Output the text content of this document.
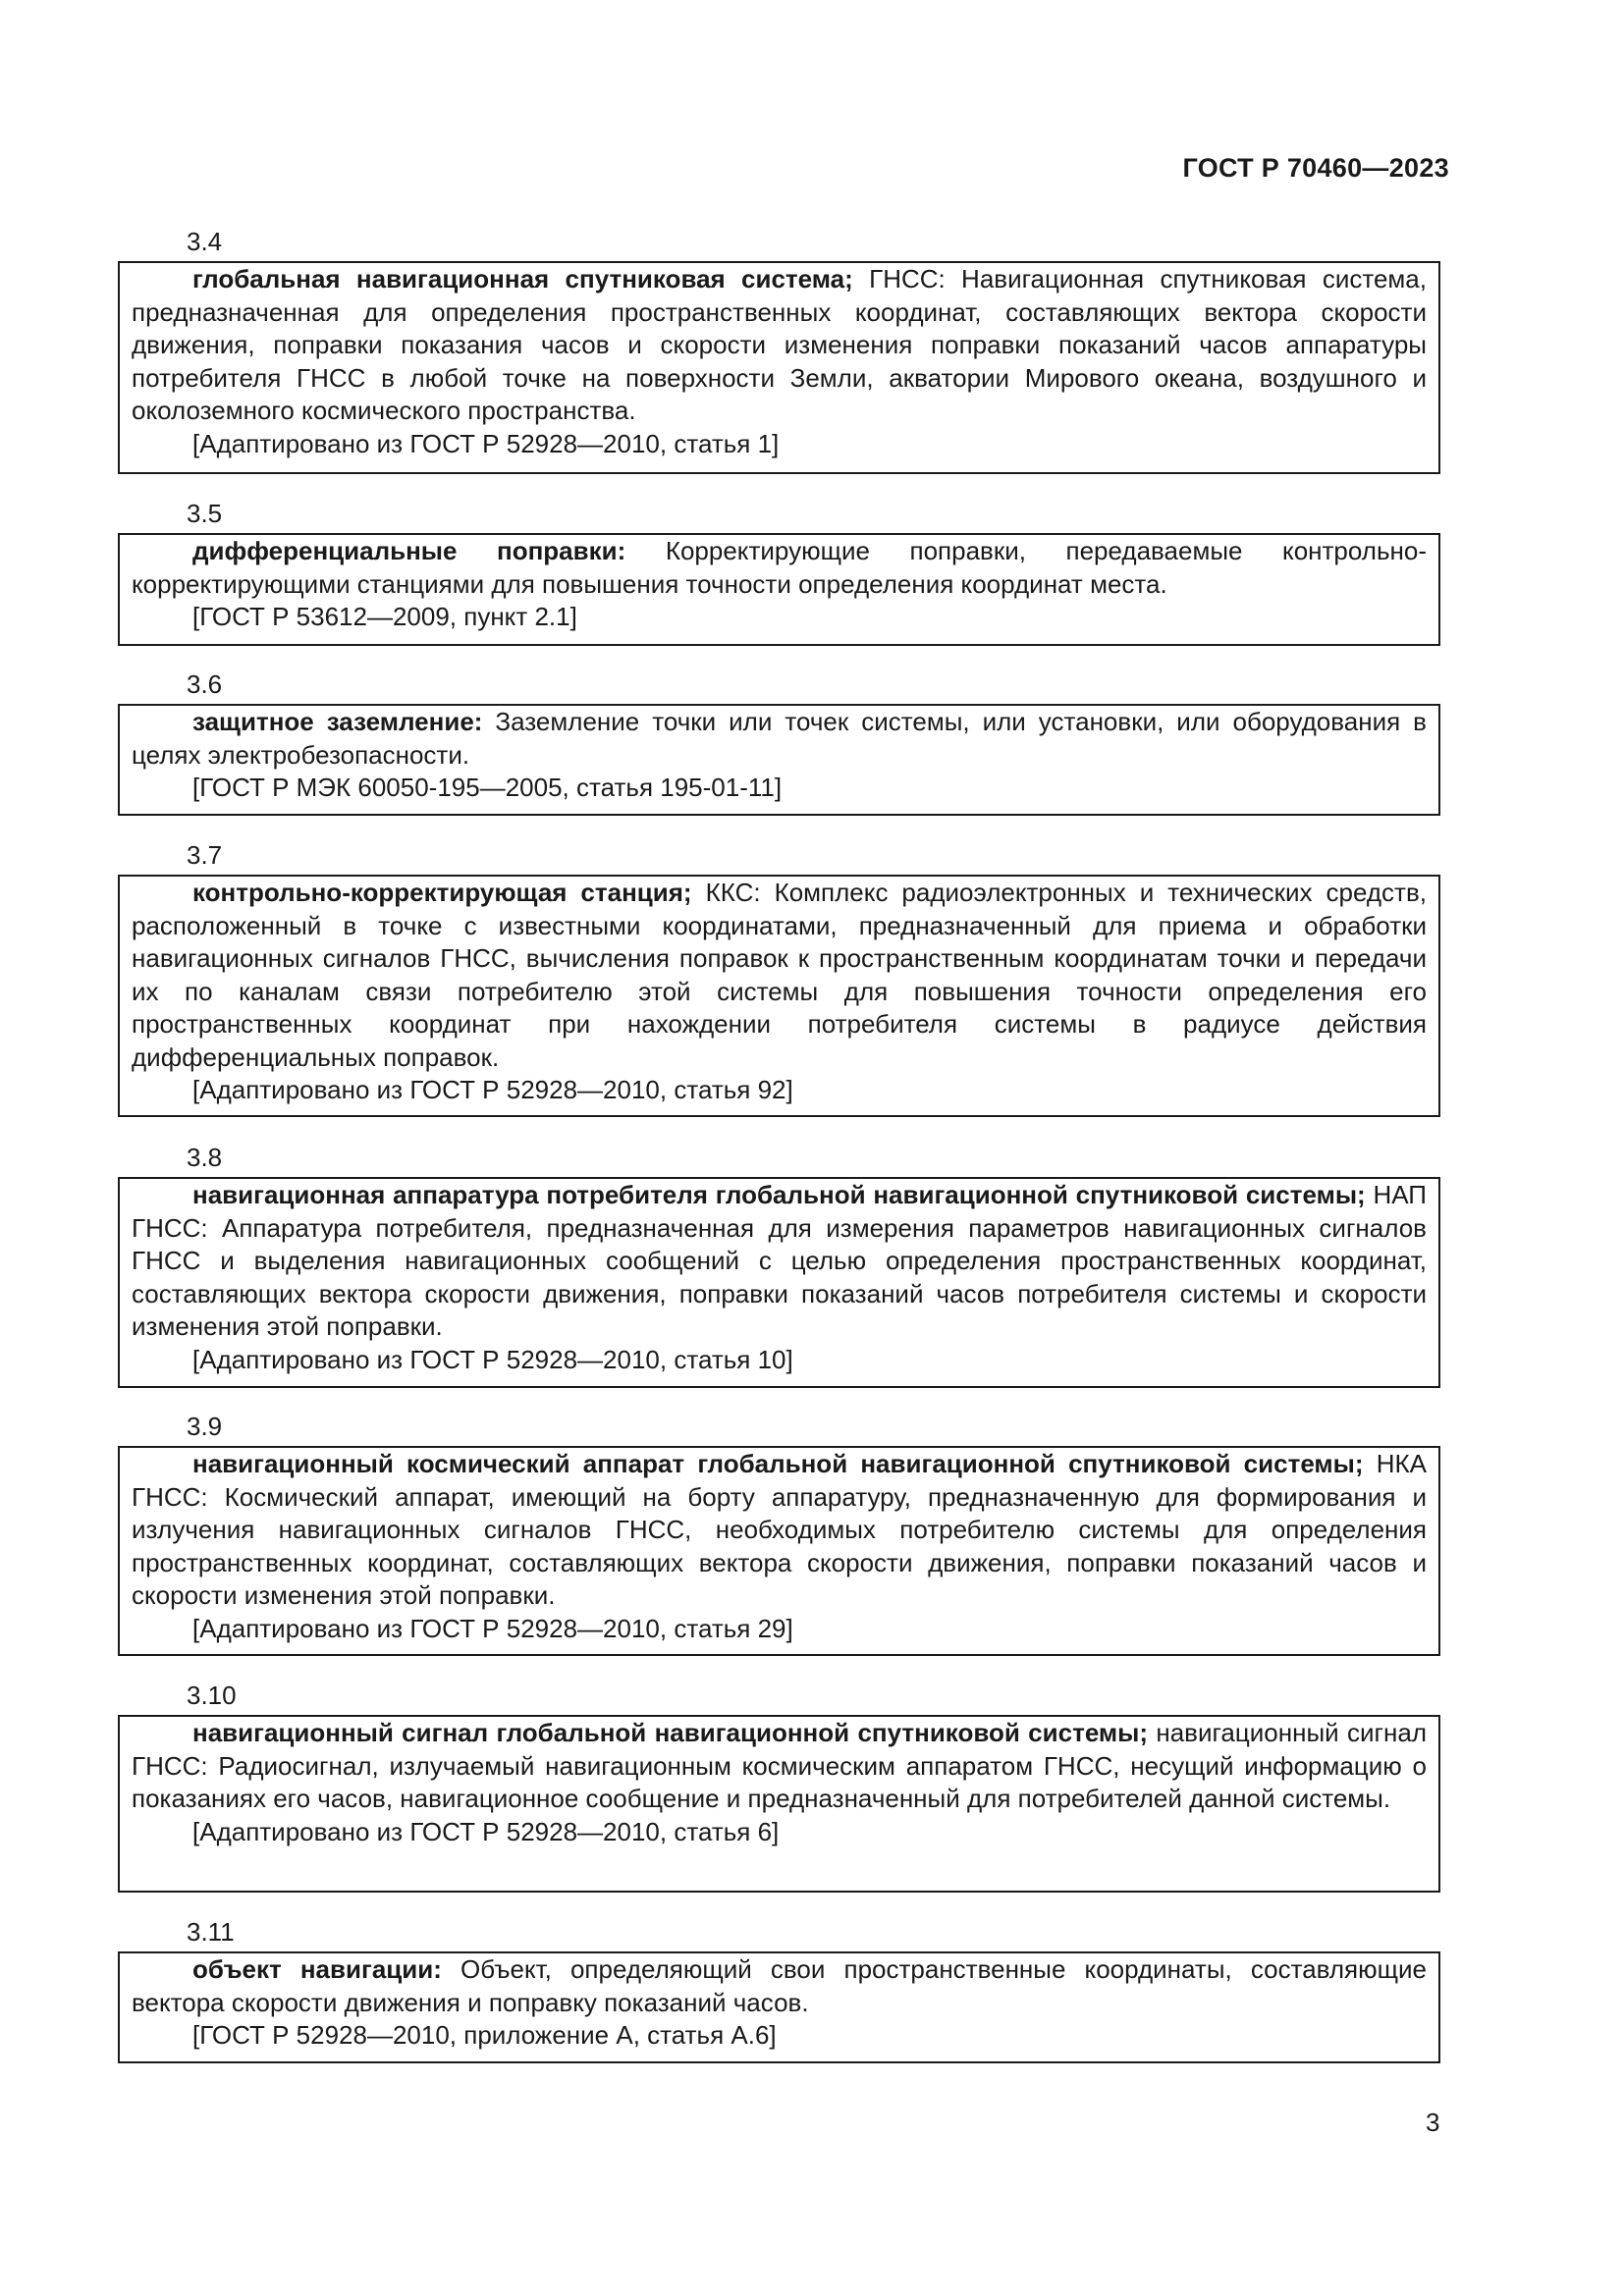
ГОСТ Р 70460—2023
3.4

глобальная навигационная спутниковая система; ГНСС: Навигационная спутниковая система, предназначенная для определения пространственных координат, составляющих вектора скорости движения, поправки показания часов и скорости изменения поправки показаний часов аппаратуры потребителя ГНСС в любой точке на поверхности Земли, акватории Мирового океана, воздушного и околоземного космического пространства.

[Адаптировано из ГОСТ Р 52928—2010, статья 1]

3.5

дифференциальные поправки: Корректирующие поправки, передаваемые контрольно-корректирующими станциями для повышения точности определения координат места.

[ГОСТ Р 53612—2009, пункт 2.1]

3.6

защитное заземление: Заземление точки или точек системы, или установки, или оборудования в целях электробезопасности.

[ГОСТ Р МЭК 60050-195—2005, статья 195-01-11]

3.7

контрольно-корректирующая станция; ККС: Комплекс радиоэлектронных и технических средств, расположенный в точке с известными координатами, предназначенный для приема и обработки навигационных сигналов ГНСС, вычисления поправок к пространственным координатам точки и передачи их по каналам связи потребителю этой системы для повышения точности определения его пространственных координат при нахождении потребителя системы в радиусе действия дифференциальных поправок.

[Адаптировано из ГОСТ Р 52928—2010, статья 92]

3.8

навигационная аппаратура потребителя глобальной навигационной спутниковой системы; НАП ГНСС: Аппаратура потребителя, предназначенная для измерения параметров навигационных сигналов ГНСС и выделения навигационных сообщений с целью определения пространственных координат, составляющих вектора скорости движения, поправки показаний часов потребителя системы и скорости изменения этой поправки.

[Адаптировано из ГОСТ Р 52928—2010, статья 10]

3.9

навигационный космический аппарат глобальной навигационной спутниковой системы; НКА ГНСС: Космический аппарат, имеющий на борту аппаратуру, предназначенную для формирования и излучения навигационных сигналов ГНСС, необходимых потребителю системы для определения пространственных координат, составляющих вектора скорости движения, поправки показаний часов и скорости изменения этой поправки.

[Адаптировано из ГОСТ Р 52928—2010, статья 29]

3.10

навигационный сигнал глобальной навигационной спутниковой системы; навигационный сигнал ГНСС: Радиосигнал, излучаемый навигационным космическим аппаратом ГНСС, несущий информацию о показаниях его часов, навигационное сообщение и предназначенный для потребителей данной системы.

[Адаптировано из ГОСТ Р 52928—2010, статья 6]

3.11

объект навигации: Объект, определяющий свои пространственные координаты, составляющие вектора скорости движения и поправку показаний часов.

[ГОСТ Р 52928—2010, приложение А, статья А.6]

3
